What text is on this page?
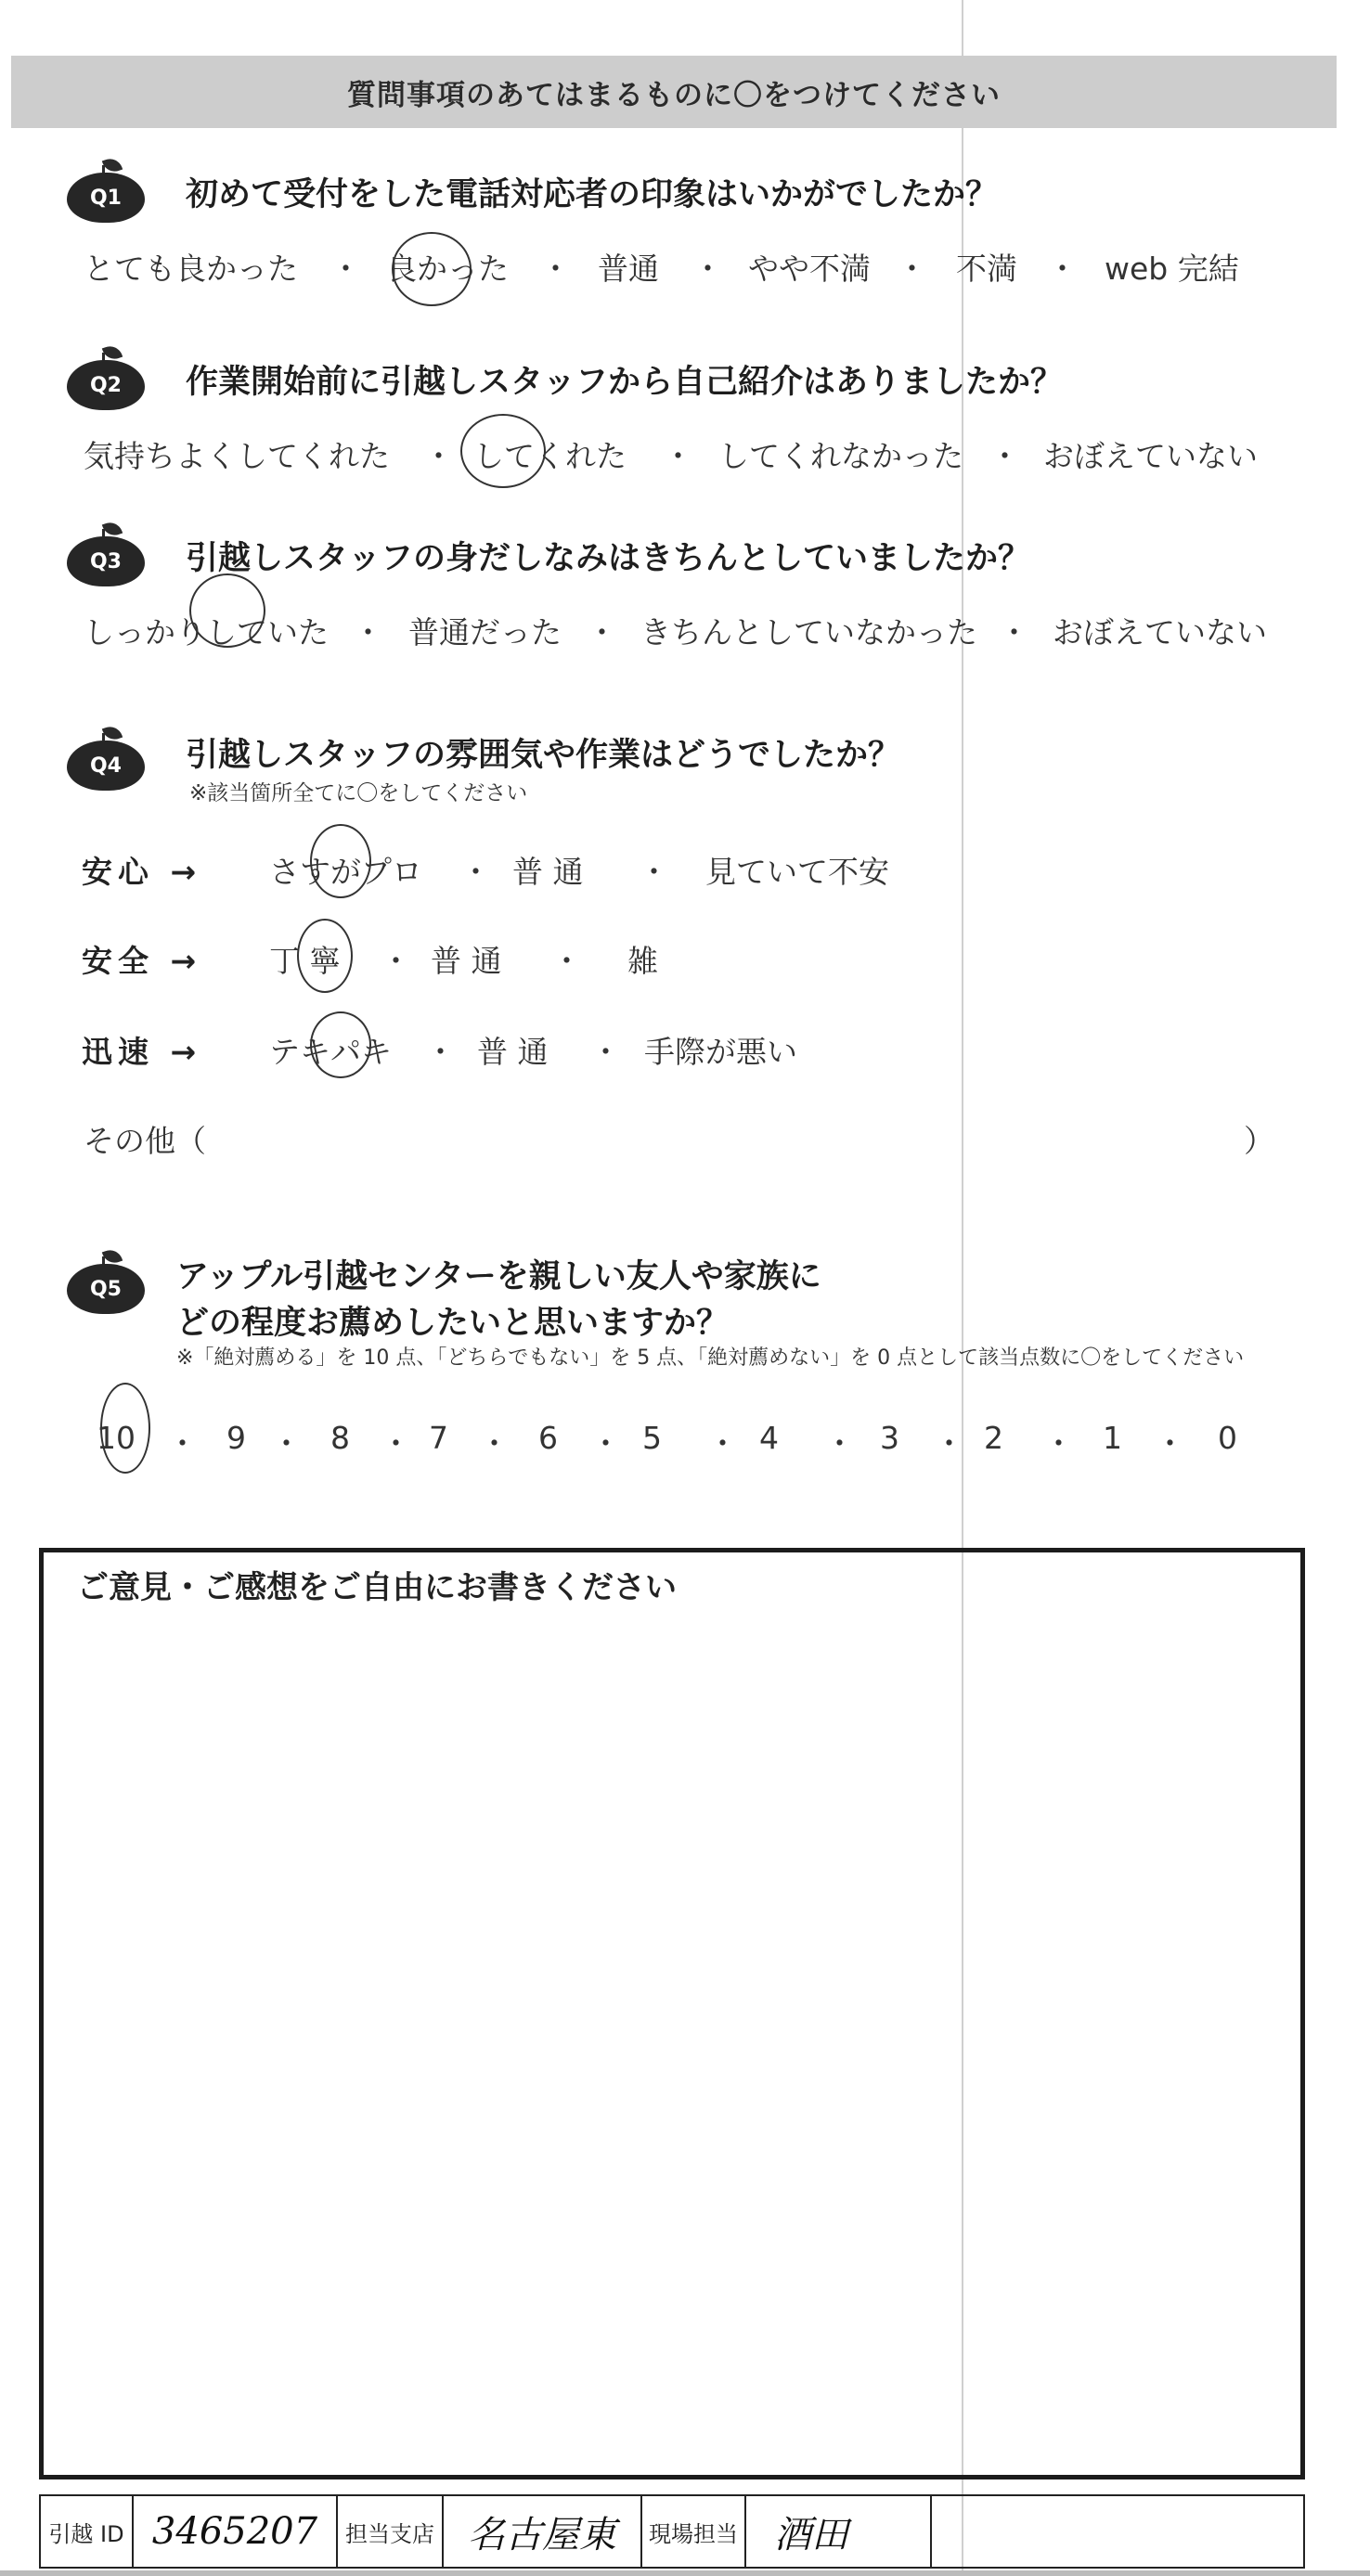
質問事項のあてはまるものに〇をつけてください
Q1	初めて受付をした電話対応者の印象はいかがでしたか？
とても良かった ・ 良かった ・ 普通 ・ やや不満 ・ 不満 ・ web 完結
Q2	作業開始前に引越しスタッフから自己紹介はありましたか？
気持ちよくしてくれた ・ してくれた ・ してくれなかった ・ おぼえていない
Q3	引越しスタッフの身だしなみはきちんとしていましたか？
しっかりしていた ・ 普通だった ・ きちんとしていなかった ・ おぼえていない
Q4	引越しスタッフの雰囲気や作業はどうでしたか？
※該当箇所全てに〇をしてください
安心 → さすがプロ ・ 普 通 ・ 見ていて不安
安全 → 丁 寧 ・ 普 通 ・ 雑
迅速 → テキパキ ・ 普 通 ・ 手際が悪い
その他（	）
Q5	アップル引越センターを親しい友人や家族に
どの程度お薦めしたいと思いますか？
※「絶対薦める」を 10 点、「どちらでもない」を 5 点、「絶対薦めない」を 0 点として該当点数に〇をしてください
10 ・ 9 ・ 8 ・ 7 ・ 6 ・ 5 ・ 4 ・ 3 ・ 2 ・ 1 ・ 0
ご意見・ご感想をご自由にお書きください
引越 ID 3465207	担当支店 名古屋東	現場担当 酒田
